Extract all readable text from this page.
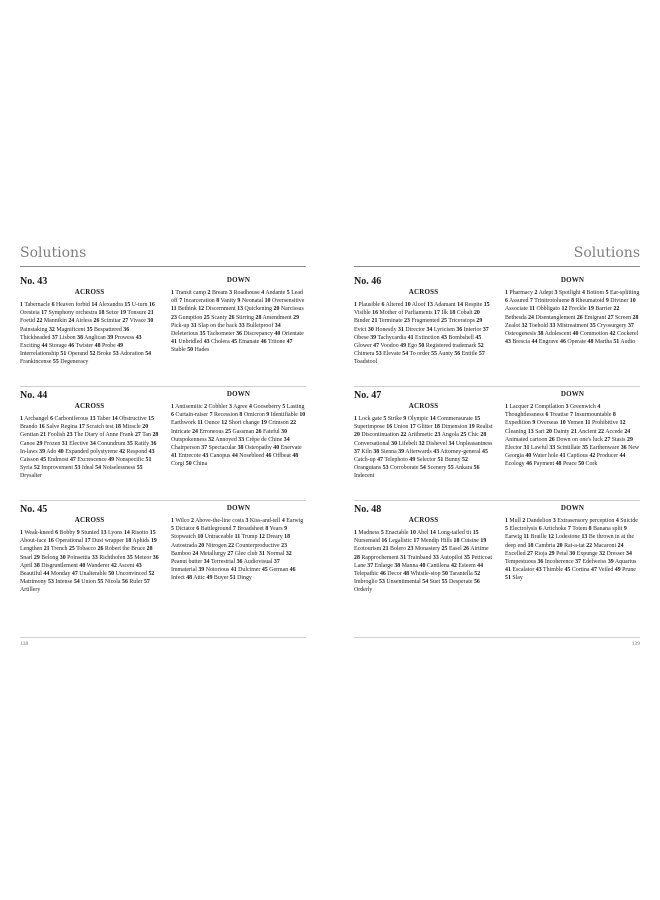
Solutions
No. 43
ACROSS
1 Tabernacle 6 Heaven forbid 14 Alexandra 15 U-turn 16 Oresteia 17 Symphony orchestra 18 Seize 19 Tonsure 21 Foetid 22 Mannikin 24 Airless 26 Scimitar 27 Vivace 30 Painstaking 32 Magnificent 35 Bespattered 36 Thickheaded 37 Lisbon 38 Anglican 39 Prowess 43 Exciting 44 Storage 46 Twister 48 Probe 49 Interrelationship 51 Operand 52 Broke 53 Adoration 54 Frankincense 55 Degeneracy
DOWN
1 Transit camp 2 Bream 3 Roadhouse 4 Andante 5 Lead off 7 Incarceration 8 Vanity 9 Neonatal 10 Oversensitive 11 Bethink 12 Discernment 13 Quickening 20 Narcissus 23 Gumption 25 Scanty 26 Stirring 28 Amendment 29 Pick-up 31 Slap on the back 33 Bulletproof 34 Deleterious 35 Tachometer 36 Discrepancy 40 Orientate 41 Unbridled 43 Cholera 45 Emanate 46 Tritone 47 Stable 50 Hades
No. 44
ACROSS
1 Archangel 6 Carboniferous 13 Taber 14 Obstructive 15 Brando 16 Salve Regina 17 Scratch test 18 Miracle 20 Gentian 21 Foolish 23 The Diary of Anne Frank 27 Tan 28 Canoe 29 Frozen 31 Elective 34 Conundrum 35 Ratify 36 In-laws 39 Ado 40 Expanded polystyrene 42 Respond 43 Caisson 45 Endmost 47 Excrescence 49 Nonspecific 51 Syria 52 Improvement 53 Ideal 54 Noiselessness 55 Drysalter
DOWN
1 Antisemitic 2 Cobbler 3 Agree 4 Gooseberry 5 Lasting 6 Curtain-raiser 7 Recession 8 Omicron 9 Identifiable 10 Earthwork 11 Ounce 12 Short change 19 Crimson 22 Intricate 24 Erroneous 25 Gassman 26 Fateful 30 Outspokenness 32 Annoyed 33 Crêpe de Chine 34 Chairperson 37 Spectacular 38 Osteopathy 40 Enervate 41 Entrecote 43 Canopus 44 Nosebleed 46 Offbeat 48 Corgi 50 China
No. 45
ACROSS
1 Weak-kneed 6 Bobby 9 Stunted 13 Lyons 14 Risotto 15 About-face 16 Operational 17 Dust wrapper 18 Aphids 19 Lengthen 21 Trench 25 Tobacco 26 Robert the Bruce 28 Snarl 29 Belong 30 Poinsettia 33 Richthofen 35 Meteor 36 April 38 Disgruntlement 40 Wanderer 42 Ascent 43 Beautiful 44 Monday 47 Unalterable 50 Unconvinced 52 Matrimony 53 Intense 54 Union 55 Nicola 56 Ruler 57 Artillery
DOWN
1 Wilco 2 Above-the-line costs 3 Kiss-and-tell 4 Earwig 5 Dictator 6 Battleground 7 Broadsheet 8 Years 9 Stopwatch 10 Untraceable 11 Trump 12 Dreary 18 Autostrada 20 Nitrogen 22 Counterproductive 23 Bamboo 24 Metallurgy 27 Glee club 31 Normal 32 Peanut butter 34 Terrestrial 36 Audiovisual 37 Immaterial 39 Notorious 41 Dulcimer 45 German 46 Infect 48 Attic 49 Buyer 51 Dingy
138
Solutions
No. 46
ACROSS
1 Plausible 6 Altered 10 Aloof 13 Adamant 14 Respite 15 Visible 16 Mother of Parliaments 17 Ilk 18 Cobalt 20 Binder 21 Terminate 23 Fragmented 25 Triceratops 29 Evict 30 Honestly 31 Director 34 Lyricism 36 Interior 37 Obese 39 Tachycardia 41 Extinction 43 Bombshell 45 Glower 47 Voodoo 49 Ego 50 Registered trademark 52 Chimera 53 Elevate 54 To order 55 Aunty 56 Entitle 57 Toadstool
DOWN
1 Pharmacy 2 Adept 3 Spotlight 4 Bottom 5 Ear-splitting 6 Assured 7 Trinitrotoluene 8 Rheumatoid 9 Diviner 10 Associate 11 Obbligato 12 Freckle 19 Barrier 22 Bethesda 24 Disentanglement 26 Emigrant 27 Screen 28 Zealot 32 Toehold 33 Mistreatment 35 Cryosurgery 37 Osteogenesis 38 Adolescent 40 Commotion 42 Cockerel 43 Brescia 44 Engrave 46 Operate 48 Martha 51 Audio
No. 47
ACROSS
1 Lock gate 5 Strike 9 Olympic 14 Commensurate 15 Superimpose 16 Union 17 Glitter 18 Dimension 19 Realist 20 Discontinuation 22 Arithmetic 23 Angola 25 Chic 28 Conversational 30 Lifebelt 32 Dishevel 34 Unpleasantness 37 Kiln 38 Sienna 39 Afterwards 43 Attorney-general 45 Catch-up 47 Telephoto 49 Selector 51 Bunny 52 Orangutans 53 Corroborate 54 Scenery 55 Ankara 56 Indecent
DOWN
1 Lacquer 2 Compilation 3 Greenwich 4 Thoughtlessness 6 Treatise 7 Insurmountable 8 Expedition 9 Overseas 10 Yemen 11 Prohibitive 12 Cleaning 13 Sari 20 Dainty 21 Ancient 22 Accede 24 Animated cartoon 26 Down on one's luck 27 Stasis 29 Elector 31 Lawful 33 Scintillate 35 Earthenware 36 New Georgia 40 Water hole 41 Captious 42 Producer 44 Ecology 46 Payment 48 Peace 50 Cork
No. 48
ACROSS
1 Madness 5 Enactable 10 Abel 14 Long-tailed tit 15 Nursemaid 16 Legalistic 17 Mendip Hills 18 Cuisine 19 Ecotourism 21 Bolero 23 Monastery 25 Easel 26 Airtime 28 Rapprochement 31 Trainband 33 Autopilot 35 Petticoat Lane 37 Enlarge 38 Manna 40 Cantilena 42 Esteem 44 Telepathic 46 Decor 48 Whistle-stop 50 Tarantella 52 Imbroglio 53 Unsentimental 54 Suet 55 Desperate 56 Orderly
DOWN
1 Mull 2 Dandelion 3 Extrasensory perception 4 Suicide 5 Electrolysis 6 Artichoke 7 Totem 8 Banana split 9 Earwig 11 Braille 12 Lodestone 13 Be thrown in at the deep end 18 Cambria 20 Rat-a-tat 22 Macaroni 24 Excelled 27 Rioja 29 Petal 30 Expunge 32 Dresser 34 Tempestuous 36 Incoherence 37 Edelweiss 39 Aquarius 41 Escalator 43 Thimble 45 Cortina 47 Veiled 49 Prune 51 Slay
139
